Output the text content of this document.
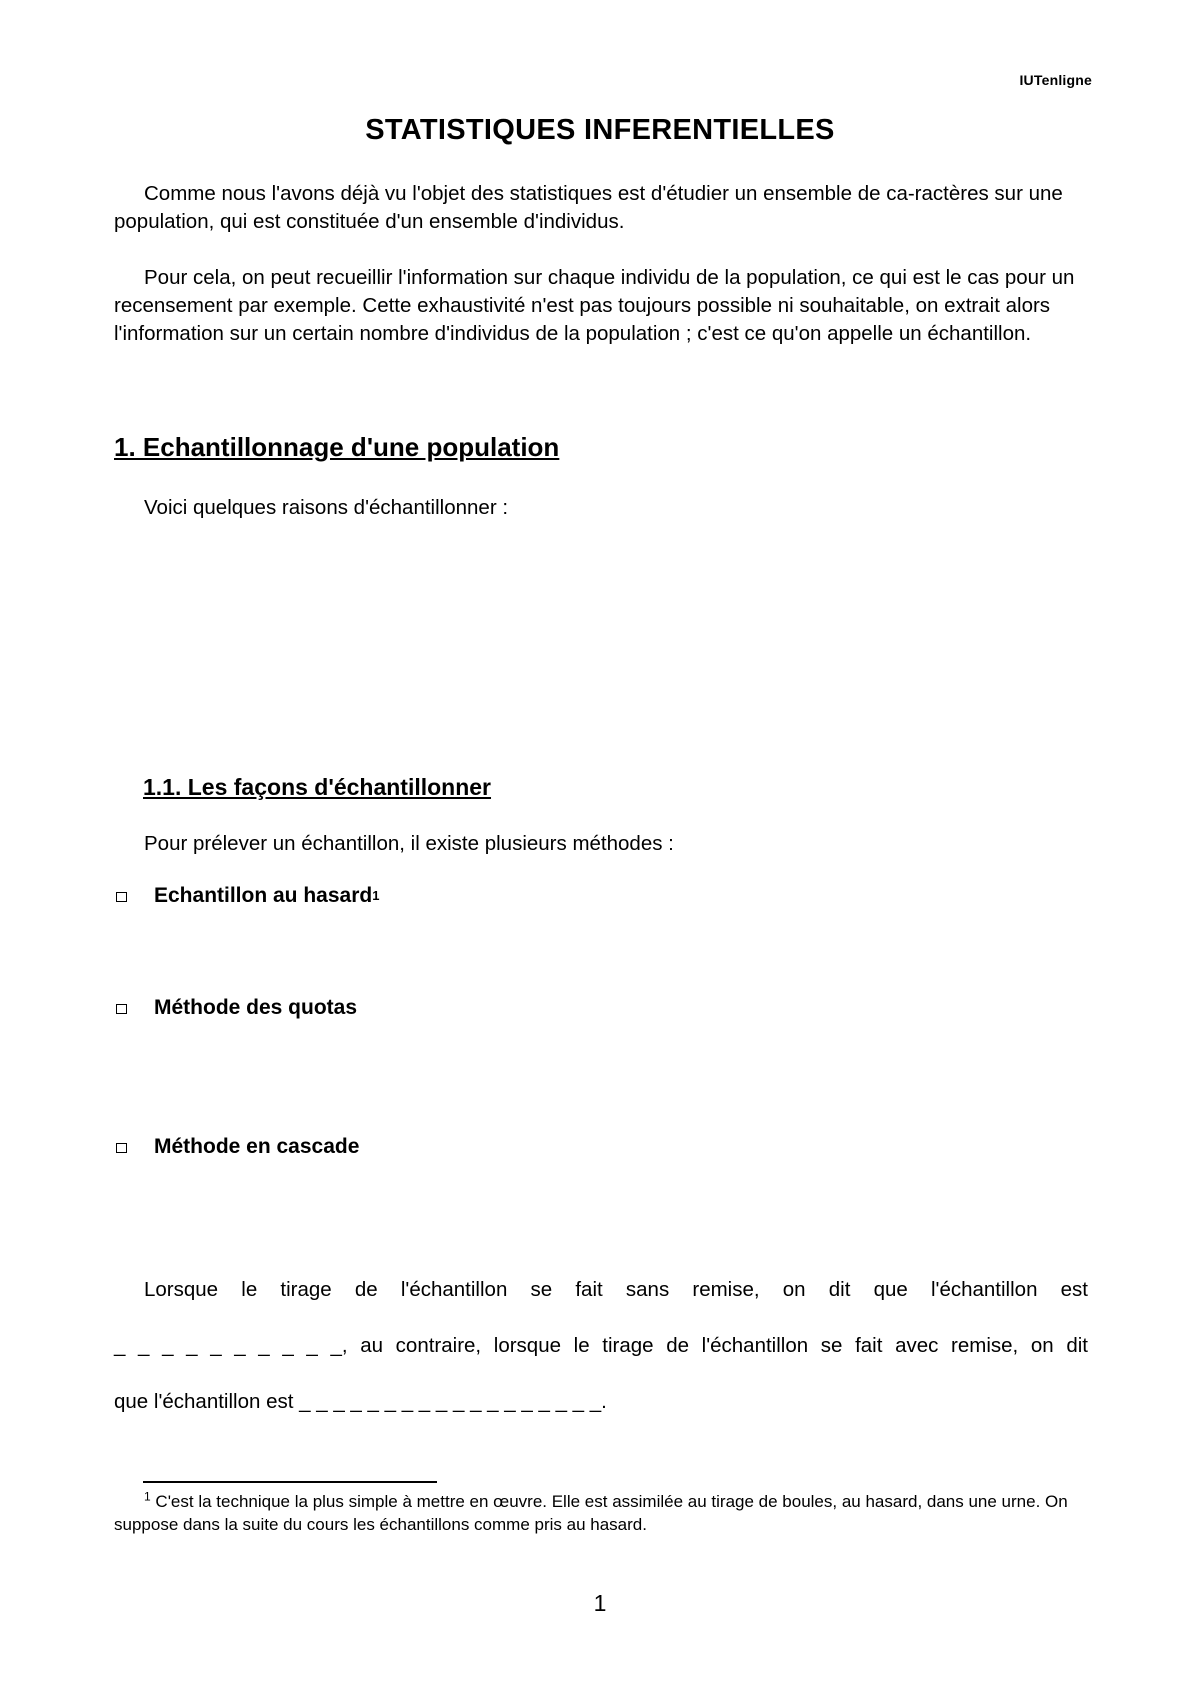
IUTenligne
STATISTIQUES INFERENTIELLES

Comme nous l'avons déjà vu l'objet des statistiques est d'étudier un ensemble de ca-ractères sur une population, qui est constituée d'un ensemble d'individus.

Pour cela, on peut recueillir l'information sur chaque individu de la population, ce qui est le cas pour un recensement par exemple. Cette exhaustivité n'est pas toujours possible ni souhaitable, on extrait alors l'information sur un certain nombre d'individus de la population ; c'est ce qu'on appelle un échantillon.

1. Echantillonnage d'une population

Voici quelques raisons d'échantillonner :

1.1. Les façons d'échantillonner

Pour prélever un échantillon, il existe plusieurs méthodes :

Echantillon au hasard 1
Méthode des quotas
Méthode en cascade
Lorsque le tirage de l'échantillon se fait sans remise, on dit que l'échantillon est
_ _ _ _ _ _ _ _ _ _, au contraire, lorsque le tirage de l'échantillon se fait avec remise, on dit
que l'échantillon est _ _ _ _ _ _ _ _ _ _ _ _ _ _ _ _ _ _.

$^1$ C'est la technique la plus simple à mettre en œuvre. Elle est assimilée au tirage de boules, au hasard, dans une urne. On suppose dans la suite du cours les échantillons comme pris au hasard.

1
